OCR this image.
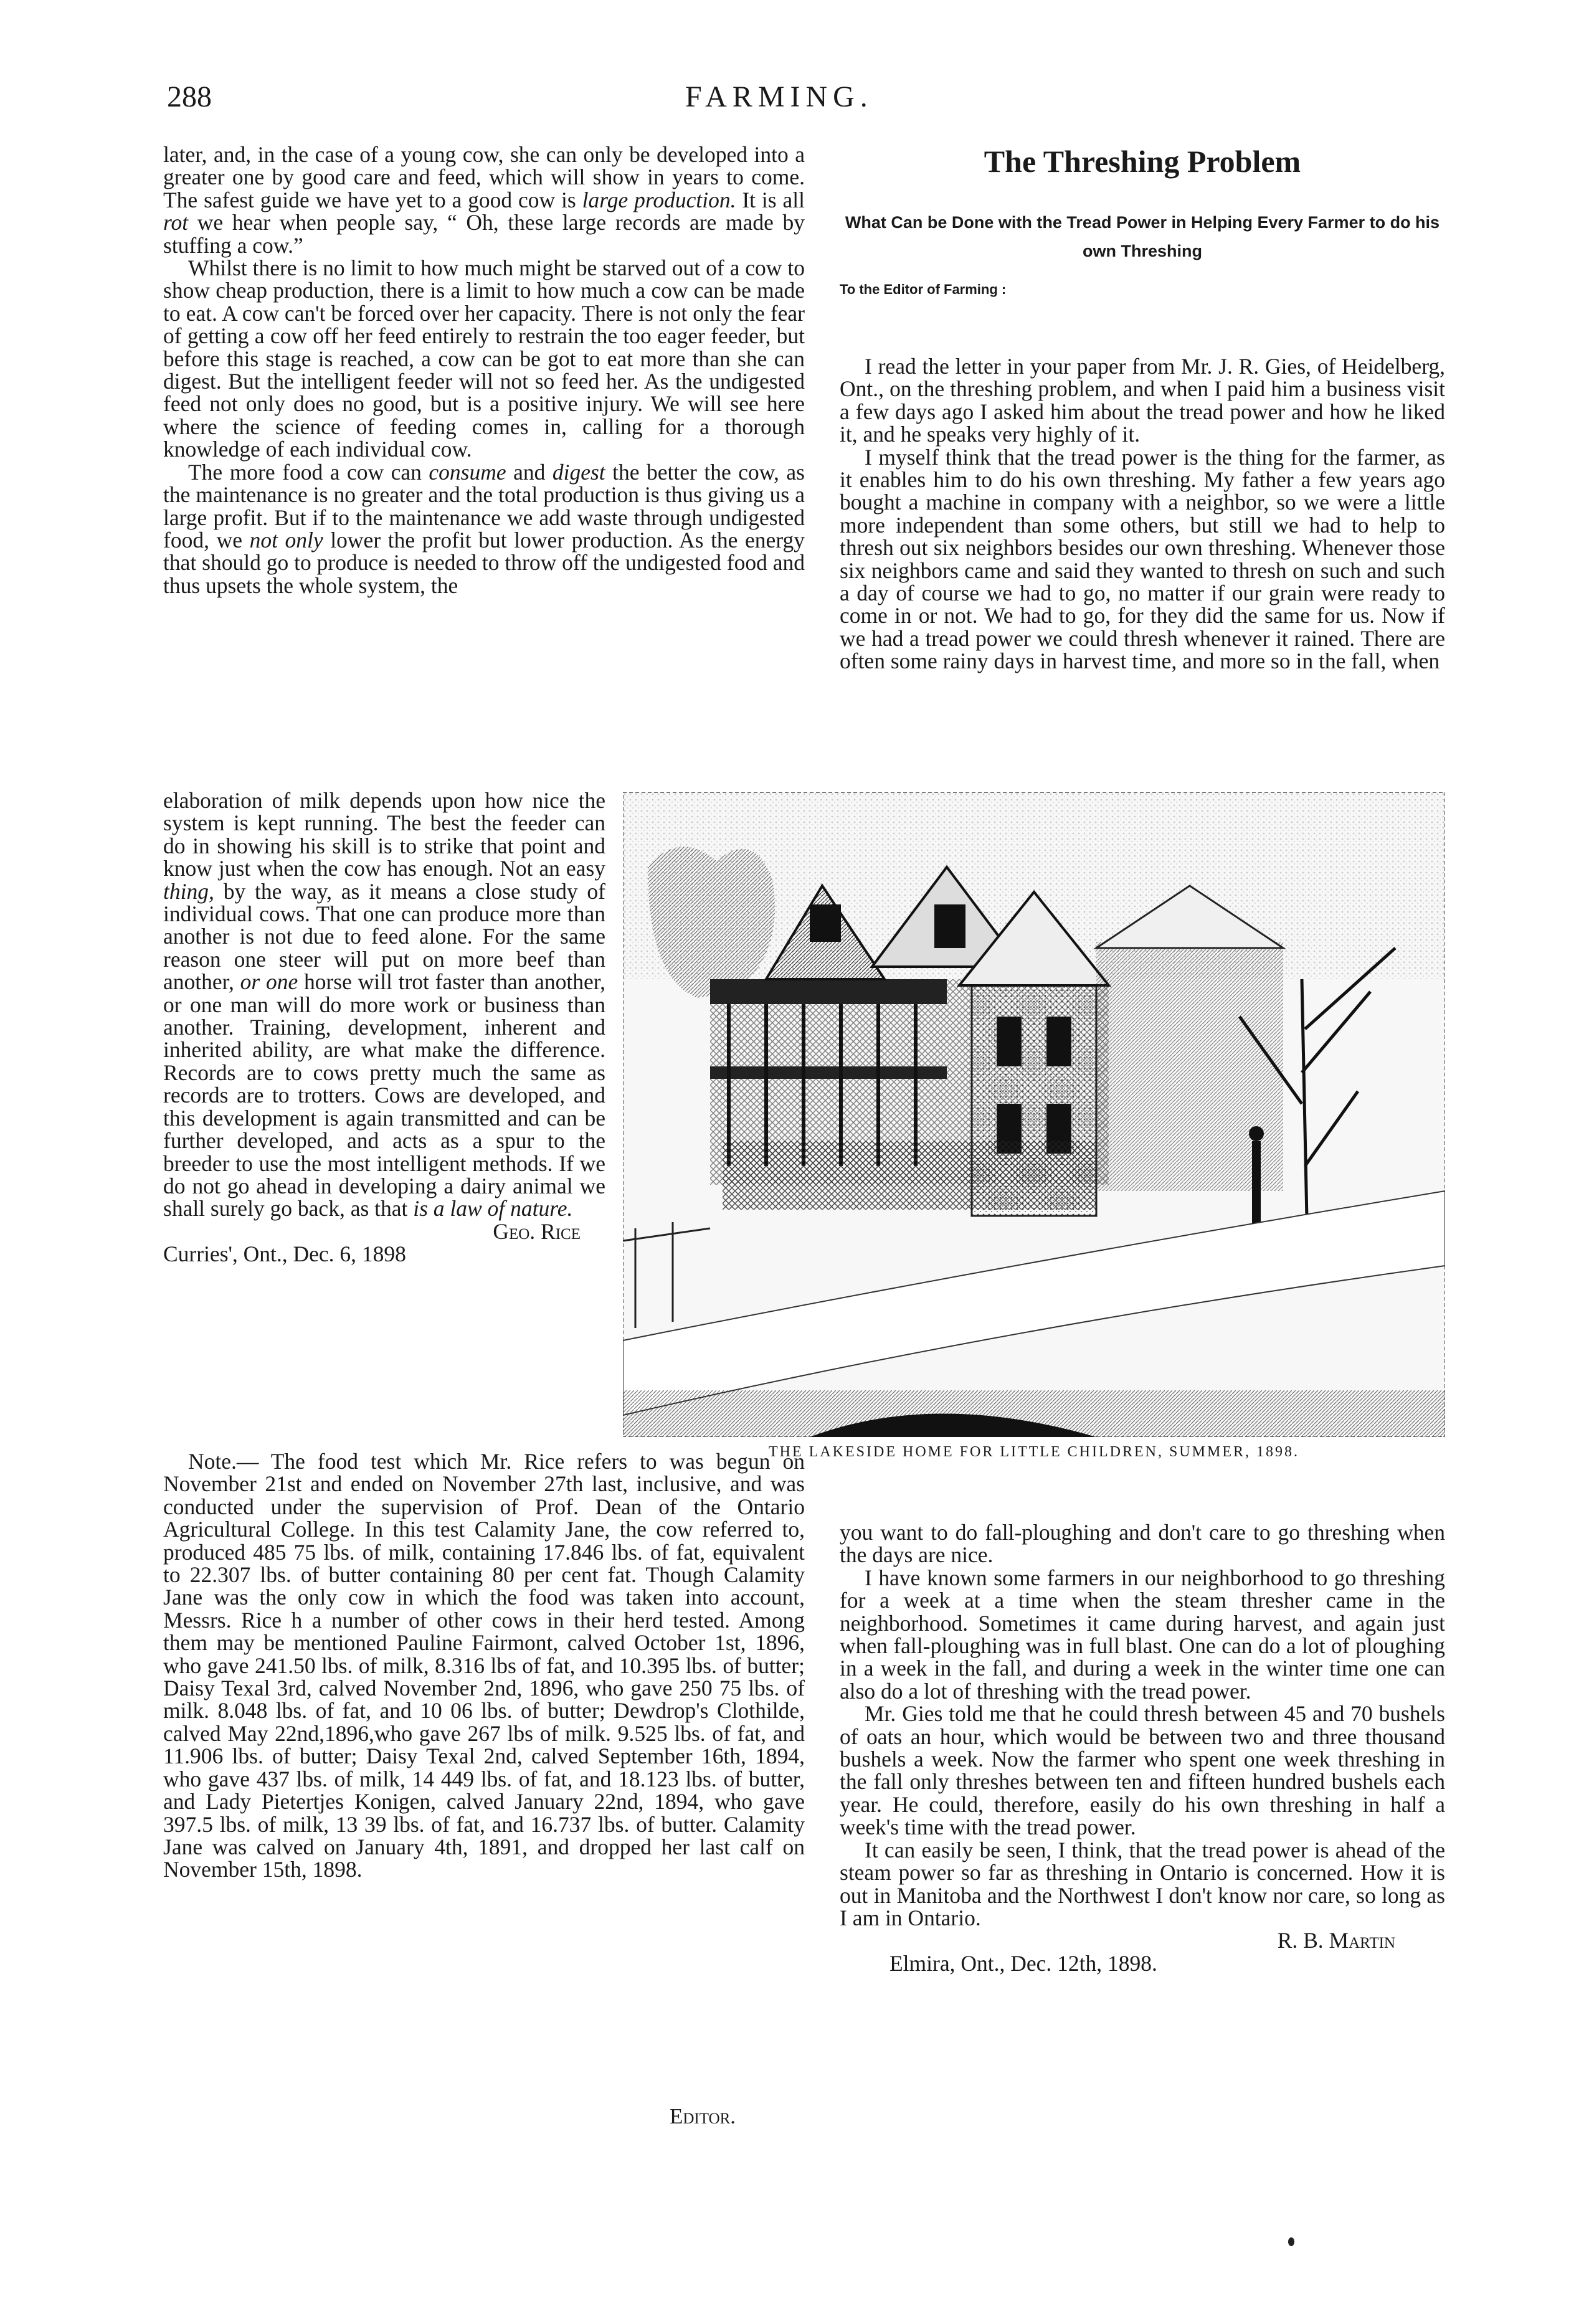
288	FARMING.

later, and, in the case of a young cow, she can only be developed into a greater one by good care and feed, which will show in years to come. The safest guide we have yet to a good cow is large production. It is all rot we hear when people say, “ Oh, these large records are made by stuffing a cow.”

Whilst there is no limit to how much might be starved out of a cow to show cheap production, there is a limit to how much a cow can be made to eat. A cow can't be forced over her capacity. There is not only the fear of getting a cow off her feed entirely to restrain the too eager feeder, but before this stage is reached, a cow can be got to eat more than she can digest. But the intelligent feeder will not so feed her. As the undigested feed not only does no good, but is a positive injury. We will see here where the science of feeding comes in, calling for a thorough knowledge of each individual cow.

The more food a cow can consume and digest the better the cow, as the maintenance is no greater and the total production is thus giving us a large profit. But if to the maintenance we add waste through undigested food, we not only lower the profit but lower production. As the energy that should go to produce is needed to throw off the undigested food and thus upsets the whole system, the

elaboration of milk depends upon how nice the system is kept running. The best the feeder can do in showing his skill is to strike that point and know just when the cow has enough. Not an easy thing, by the way, as it means a close study of individual cows. That one can produce more than another is not due to feed alone. For the same reason one steer will put on more beef than another, or one horse will trot faster than another, or one man will do more work or business than another. Training, development, inherent and inherited ability, are what make the difference. Records are to cows pretty much the same as records are to trotters. Cows are developed, and this development is again transmitted and can be further developed, and acts as a spur to the breeder to use the most intelligent methods. If we do not go ahead in developing a dairy animal we shall surely go back, as that is a law of nature.

Geo. Rice

Curries', Ont., Dec. 6, 1898

Note.— The food test which Mr. Rice refers to was begun on November 21st and ended on November 27th last, inclusive, and was conducted under the supervision of Prof. Dean of the Ontario Agricultural College. In this test Calamity Jane, the cow referred to, produced 485 75 lbs. of milk, containing 17.846 lbs. of fat, equivalent to 22.307 lbs. of butter containing 80 per cent fat. Though Calamity Jane was the only cow in which the food was taken into account, Messrs. Rice h a number of other cows in their herd tested. Among them may be mentioned Pauline Fairmont, calved October 1st, 1896, who gave 241.50 lbs. of milk, 8.316 lbs of fat, and 10.395 lbs. of butter; Daisy Texal 3rd, calved November 2nd, 1896, who gave 250 75 lbs. of milk. 8.048 lbs. of fat, and 10 06 lbs. of butter; Dewdrop's Clothilde, calved May 22nd,1896,who gave 267 lbs of milk. 9.525 lbs. of fat, and 11.906 lbs. of butter; Daisy Texal 2nd, calved September 16th, 1894, who gave 437 lbs. of milk, 14 449 lbs. of fat, and 18.123 lbs. of butter, and Lady Pietertjes Konigen, calved January 22nd, 1894, who gave 397.5 lbs. of milk, 13 39 lbs. of fat, and 16.737 lbs. of butter. Calamity Jane was calved on January 4th, 1891, and dropped her last calf on November 15th, 1898.

Editor.
The Threshing Problem
What Can be Done with the Tread Power in Helping Every Farmer to do his own Threshing
To the Editor of Farming :

I read the letter in your paper from Mr. J. R. Gies, of Heidelberg, Ont., on the threshing problem, and when I paid him a business visit a few days ago I asked him about the tread power and how he liked it, and he speaks very highly of it.

I myself think that the tread power is the thing for the farmer, as it enables him to do his own threshing. My father a few years ago bought a machine in company with a neighbor, so we were a little more independent than some others, but still we had to help to thresh out six neighbors besides our own threshing. Whenever those six neighbors came and said they wanted to thresh on such and such a day of course we had to go, no matter if our grain were ready to come in or not. We had to go, for they did the same for us. Now if we had a tread power we could thresh whenever it rained. There are often some rainy days in harvest time, and more so in the fall, when

THE LAKESIDE HOME FOR LITTLE CHILDREN, SUMMER, 1898.

you want to do fall-ploughing and don't care to go threshing when the days are nice.

I have known some farmers in our neighborhood to go threshing for a week at a time when the steam thresher came in the neighborhood. Sometimes it came during harvest, and again just when fall-ploughing was in full blast. One can do a lot of ploughing in a week in the fall, and during a week in the winter time one can also do a lot of threshing with the tread power.

Mr. Gies told me that he could thresh between 45 and 70 bushels of oats an hour, which would be between two and three thousand bushels a week. Now the farmer who spent one week threshing in the fall only threshes between ten and fifteen hundred bushels each year. He could, therefore, easily do his own threshing in half a week's time with the tread power.

It can easily be seen, I think, that the tread power is ahead of the steam power so far as threshing in Ontario is concerned. How it is out in Manitoba and the Northwest I don't know nor care, so long as I am in Ontario.

R. B. Martin

Elmira, Ont., Dec. 12th, 1898.
